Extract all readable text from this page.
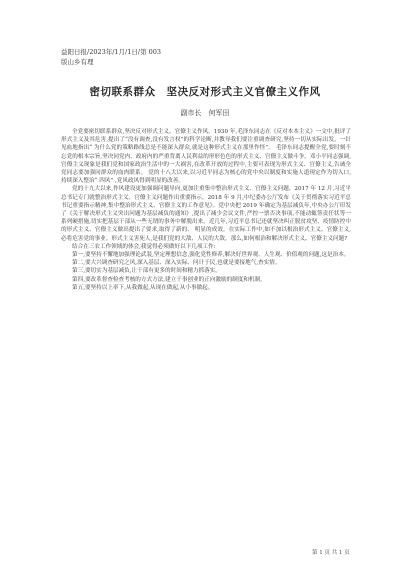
益阳日报/2023年/1月/1日/第 003
版山乡有理
密切联系群众　坚决反对形式主义官僚主义作风
副市长　何军田

全党要密切联系群众,坚决反对形式主义、官僚主义作风。1930 年,毛泽东同志在《反对本本主义》一文中,批评了形式主义及其危害,提出了“没有调查,没有发言权”的科学论断,并教导我们要注重调查研究,坚持一切从实际出发。一针见血地指出“ 为什么党的策略路线总是不能深入群众,就是这种形式主义在那里作怪”。 毛泽东同志提醒全党,要时刻不忘党的根本宗旨,坚决同党内、政府内的严重背离人民利益的形形色色的形式主义、官僚主义做斗争。邓小平同志强调,官僚主义现象是我们党和国家政治生活中的一大祸害,在改革开放的过程中,主要可表现为形式主义、官僚主义,告诫全党同志要加强同群众的血肉联系。 党的十八大以来,以习近平同志为核心的党中央以制度和实施人道现定作为切入口,持续深入整治“ 四风” ,党风政风得到明显的改善。

党的十九大以来,作风建设更加强调问题导向,更加注重集中整治形式主义、官僚主义问题。2017 年 12 月,习近平总书记专门就整治形式主义、官僚主义问题作出重要指示。2018 年 9 月,中纪委办公厅发布《关于贯彻落实习近平总书记重要指示精神,集中整治形式主义、官僚主义的工作意见》。党中央把 2019 年确定为基层减负年,中央办公厅印发了《关于解决形式主义突出问题为基层减负的通知》,提出了减少会议文件,严控一票否决事项,不能动辄签责任状等一系列硬措施,切实把基层干部从一些无谓的事务中解脱出来。近几年,习近平总书记还就坚决纠正脱贫攻坚、疫情防控中的形式主义、官僚主义做出提出了要求,取得了新的、 明显的成效。在实际工作中,如不加以根治形式主义、官僚主义,必将危害党的事业。形式主义害死人,是我们党的大敌、人民的大敌。那么,如何根治和解决形式主义、官僚主义问题?

结合在三农工作领域的体会,我觉得必须做好以下几项工作:

第一,要坚持不懈地加强理论武装,坚定理想信念,强化党性修养,解决好世界观、人生观、价值观的问题,这是治本。

第二,要大兴调查研究之风,深入基层、深入实际、问计于民,也就是要接地气,查实情。

第三,要切实为基层减负,让干部有更多的时间和精力抓落实。

第四,要改革督查检查考核的方式方法,建立干事创业的正向激励的制度和机制。

第五,要坚持以上率下,从我做起,从现在做起,从小事做起。

第 1 页 共 1 页
